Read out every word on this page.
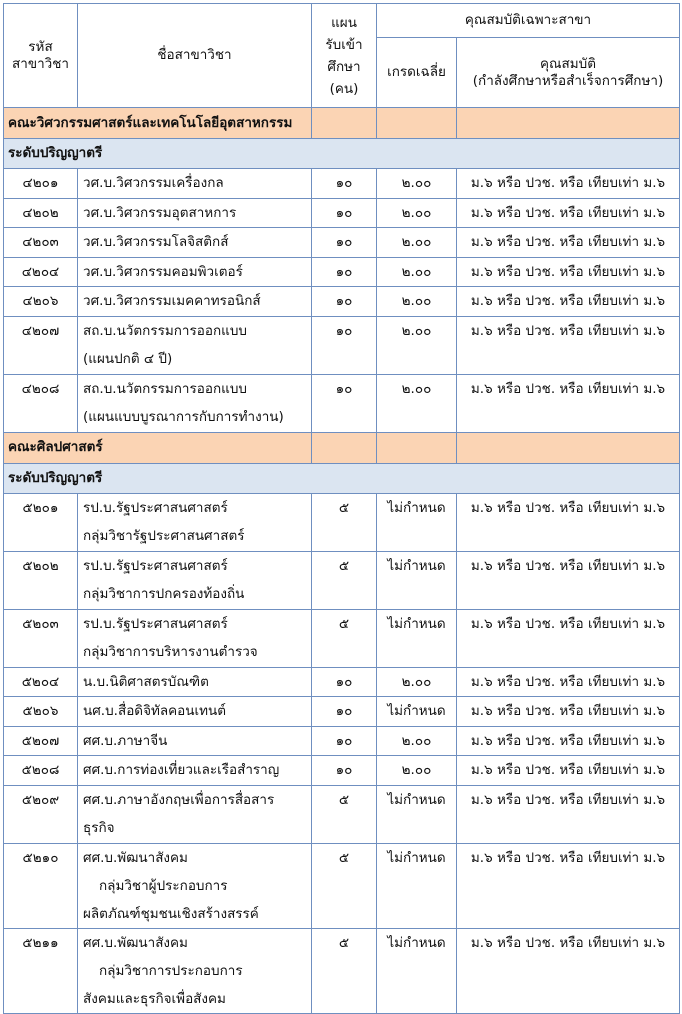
รหัส
สาขาวิชา	ชื่อสาขาวิชา	แผน
รับเข้า
ศึกษา
(คน)	คุณสมบัติเฉพาะสาขา	
			เกรดเฉลี่ย	คุณสมบัติ
(กำลังศึกษาหรือสำเร็จการศึกษา)

คณะวิศวกรรมศาสตร์และเทคโนโลยีอุตสาหกรรม				
ระดับปริญญาตรี				
๔๒๐๑	วศ.บ.วิศวกรรมเครื่องกล	๑๐	๒.๐๐	ม.๖ หรือ ปวช. หรือ เทียบเท่า ม.๖
๔๒๐๒	วศ.บ.วิศวกรรมอุตสาหการ	๑๐	๒.๐๐	ม.๖ หรือ ปวช. หรือ เทียบเท่า ม.๖
๔๒๐๓	วศ.บ.วิศวกรรมโลจิสติกส์	๑๐	๒.๐๐	ม.๖ หรือ ปวช. หรือ เทียบเท่า ม.๖
๔๒๐๔	วศ.บ.วิศวกรรมคอมพิวเตอร์	๑๐	๒.๐๐	ม.๖ หรือ ปวช. หรือ เทียบเท่า ม.๖
๔๒๐๖	วศ.บ.วิศวกรรมเมคคาทรอนิกส์	๑๐	๒.๐๐	ม.๖ หรือ ปวช. หรือ เทียบเท่า ม.๖
๔๒๐๗	สถ.บ.นวัตกรรมการออกแบบ
(แผนปกติ ๔ ปี)	๑๐	๒.๐๐	ม.๖ หรือ ปวช. หรือ เทียบเท่า ม.๖
๔๒๐๘	สถ.บ.นวัตกรรมการออกแบบ
(แผนแบบบูรณาการกับการทำงาน)	๑๐	๒.๐๐	ม.๖ หรือ ปวช. หรือ เทียบเท่า ม.๖
คณะศิลปศาสตร์				
ระดับปริญญาตรี				
๕๒๐๑	รป.บ.รัฐประศาสนศาสตร์
กลุ่มวิชารัฐประศาสนศาสตร์	๕	ไม่กำหนด	ม.๖ หรือ ปวช. หรือ เทียบเท่า ม.๖
๕๒๐๒	รป.บ.รัฐประศาสนศาสตร์
กลุ่มวิชาการปกครองท้องถิ่น	๕	ไม่กำหนด	ม.๖ หรือ ปวช. หรือ เทียบเท่า ม.๖
๕๒๐๓	รป.บ.รัฐประศาสนศาสตร์
กลุ่มวิชาการบริหารงานตำรวจ	๕	ไม่กำหนด	ม.๖ หรือ ปวช. หรือ เทียบเท่า ม.๖
๕๒๐๔	น.บ.นิติศาสตรบัณฑิต	๑๐	๒.๐๐	ม.๖ หรือ ปวช. หรือ เทียบเท่า ม.๖
๕๒๐๖	นศ.บ.สื่อดิจิทัลคอนเทนต์	๑๐	ไม่กำหนด	ม.๖ หรือ ปวช. หรือ เทียบเท่า ม.๖
๕๒๐๗	ศศ.บ.ภาษาจีน	๑๐	๒.๐๐	ม.๖ หรือ ปวช. หรือ เทียบเท่า ม.๖
๕๒๐๘	ศศ.บ.การท่องเที่ยวและเรือสำราญ	๑๐	๒.๐๐	ม.๖ หรือ ปวช. หรือ เทียบเท่า ม.๖
๕๒๐๙	ศศ.บ.ภาษาอังกฤษเพื่อการสื่อสาร
ธุรกิจ	๕	ไม่กำหนด	ม.๖ หรือ ปวช. หรือ เทียบเท่า ม.๖
๕๒๑๐	ศศ.บ.พัฒนาสังคม
กลุ่มวิชาผู้ประกอบการ
ผลิตภัณฑ์ชุมชนเชิงสร้างสรรค์	๕	ไม่กำหนด	ม.๖ หรือ ปวช. หรือ เทียบเท่า ม.๖
๕๒๑๑	ศศ.บ.พัฒนาสังคม
กลุ่มวิชาการประกอบการ
สังคมและธุรกิจเพื่อสังคม	๕	ไม่กำหนด	ม.๖ หรือ ปวช. หรือ เทียบเท่า ม.๖
